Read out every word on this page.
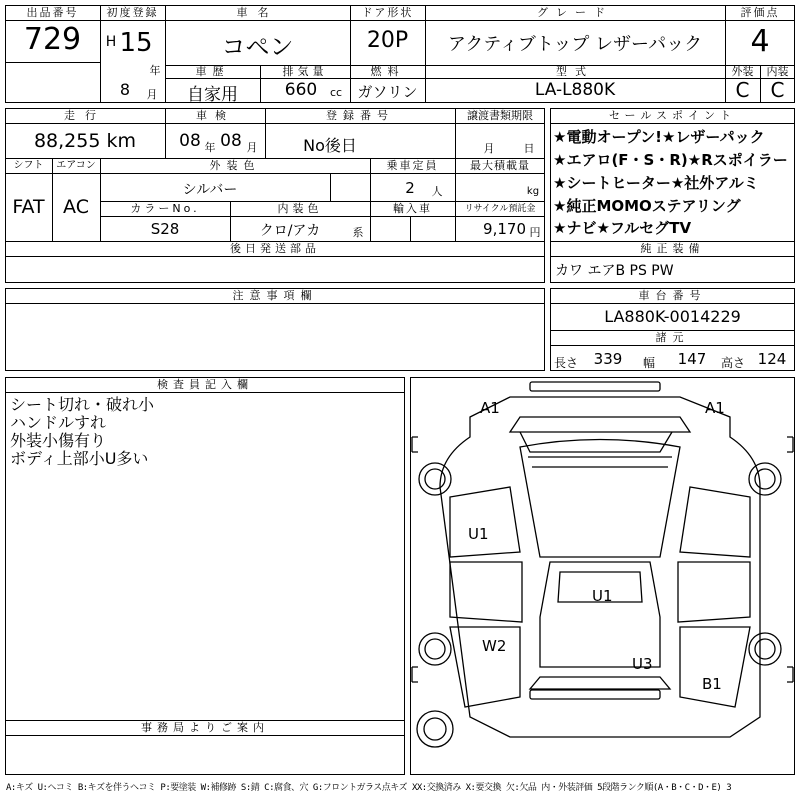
出品番号
729
初度登録
H 15
年
8	月
車名
コペン
ドア形状
20P
グレード
アクティブトップ レザーパック
評価点
4
車歴
自家用
排気量
660	cc
燃料
ガソリン
型式
LA-L880K
外装
C
内装
C
走行
88,255 km
車検
08 年 08 月
登録番号
No後日
譲渡書類期限
月	日
シフト
FAT
エアコン
AC
外装色
シルバー
乗車定員
2	人
最大積載量
kg
カラーNo.
S28
内装色
クロ/アカ	系
輸入車	リサイクル預託金
9,170 円
後日発送部品
セールスポイント
★電動オープン!★レザーパック
★エアロ(F・S・R)★Rスポイラー
★シートヒーター★社外アルミ
★純正MOMOステアリング
★ナビ★フルセグTV
純正装備
カワ エアB PS PW
注意事項欄	車台番号
LA880K-0014229
諸元
長さ	339	幅	147	高さ 124
検査員記入欄
シート切れ・破れ小
ハンドルすれ
外装小傷有り
ボディ上部小U多い
事務局よりご案内
A1	A1
U1
U1
W2
U3
B1
A:キズ U:ヘコミ B:キズを伴うヘコミ P:要塗装 W:補修跡 S:錆 C:腐食、穴 G:フロントガラス点キズ XX:交換済み X:要交換 欠:欠品 内・外装評価 5段階ランク順(A・B・C・D・E) 3
